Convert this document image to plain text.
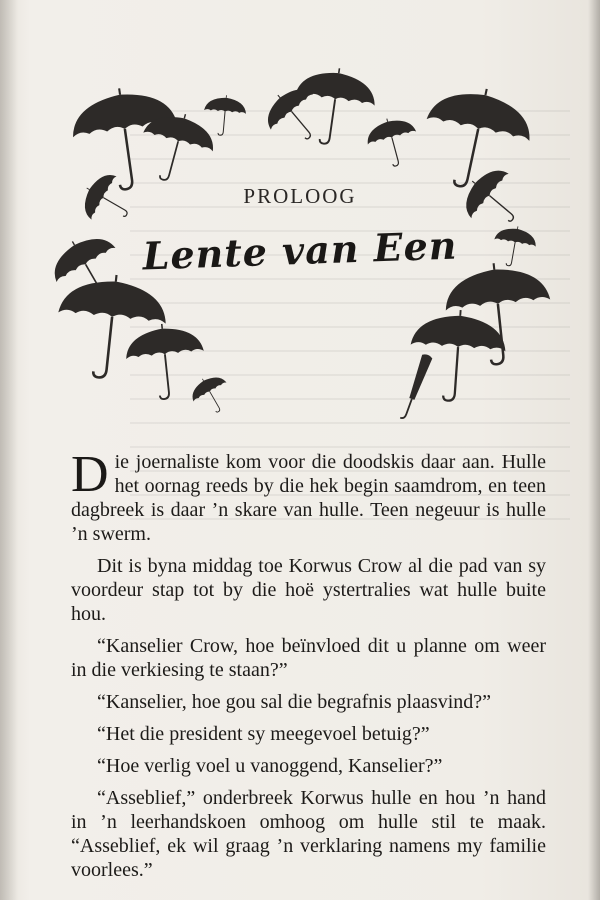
PROLOOG
Lente van Een

Die joernaliste kom voor die doodskis daar aan. Hulle het oornag reeds by die hek begin saamdrom, en teen dagbreek is daar ’n skare van hulle. Teen negeuur is hulle ’n swerm.

Dit is byna middag toe Korwus Crow al die pad van sy voordeur stap tot by die hoë ystertralies wat hulle buite hou.

“Kanselier Crow, hoe beïnvloed dit u planne om weer in die verkiesing te staan?”

“Kanselier, hoe gou sal die begrafnis plaasvind?”

“Het die president sy meegevoel betuig?”

“Hoe verlig voel u vanoggend, Kanselier?”

“Asseblief,” onderbreek Korwus hulle en hou ’n hand in ’n leerhandskoen omhoog om hulle stil te maak. “Asseblief, ek wil graag ’n verklaring namens my familie voorlees.”
